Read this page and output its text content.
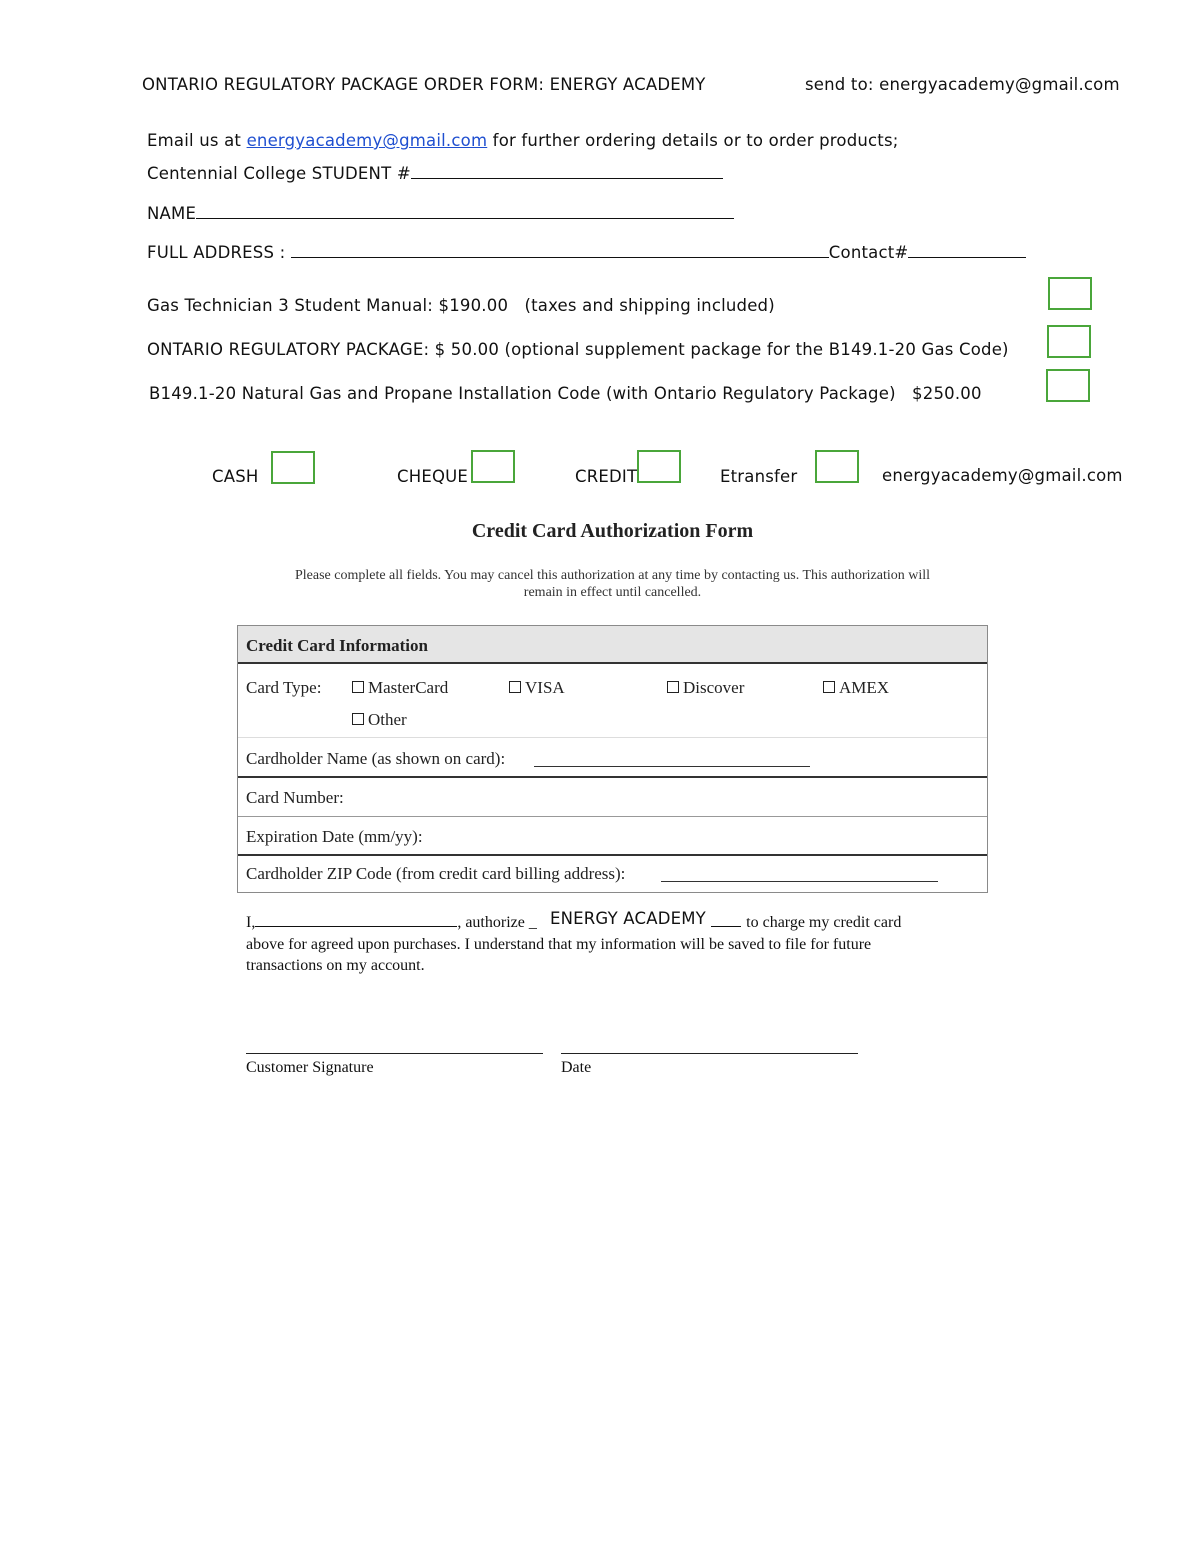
ONTARIO REGULATORY PACKAGE ORDER FORM: ENERGY ACADEMY	send to: energyacademy@gmail.com
Email us at energyacademy@gmail.com for further ordering details or to order products;
Centennial College STUDENT #
NAME
FULL ADDRESS :	Contact#
Gas Technician 3 Student Manual: $190.00   (taxes and shipping included)
ONTARIO REGULATORY PACKAGE: $ 50.00 (optional supplement package for the B149.1-20 Gas Code)
B149.1-20 Natural Gas and Propane Installation Code (with Ontario Regulatory Package)   $250.00
CASH	CHEQUE	CREDIT	Etransfer	energyacademy@gmail.com
Credit Card Authorization Form
Please complete all fields. You may cancel this authorization at any time by contacting us. This authorization will
remain in effect until cancelled.
Credit Card Information
Card Type:	MasterCard	VISA	Discover	AMEX
Other
Cardholder Name (as shown on card):
Card Number:
Expiration Date (mm/yy):
Cardholder ZIP Code (from credit card billing address):
I,	, authorize _ ENERGY ACADEMY	to charge my credit card
above for agreed upon purchases. I understand that my information will be saved to file for future
transactions on my account.
Customer Signature	Date
